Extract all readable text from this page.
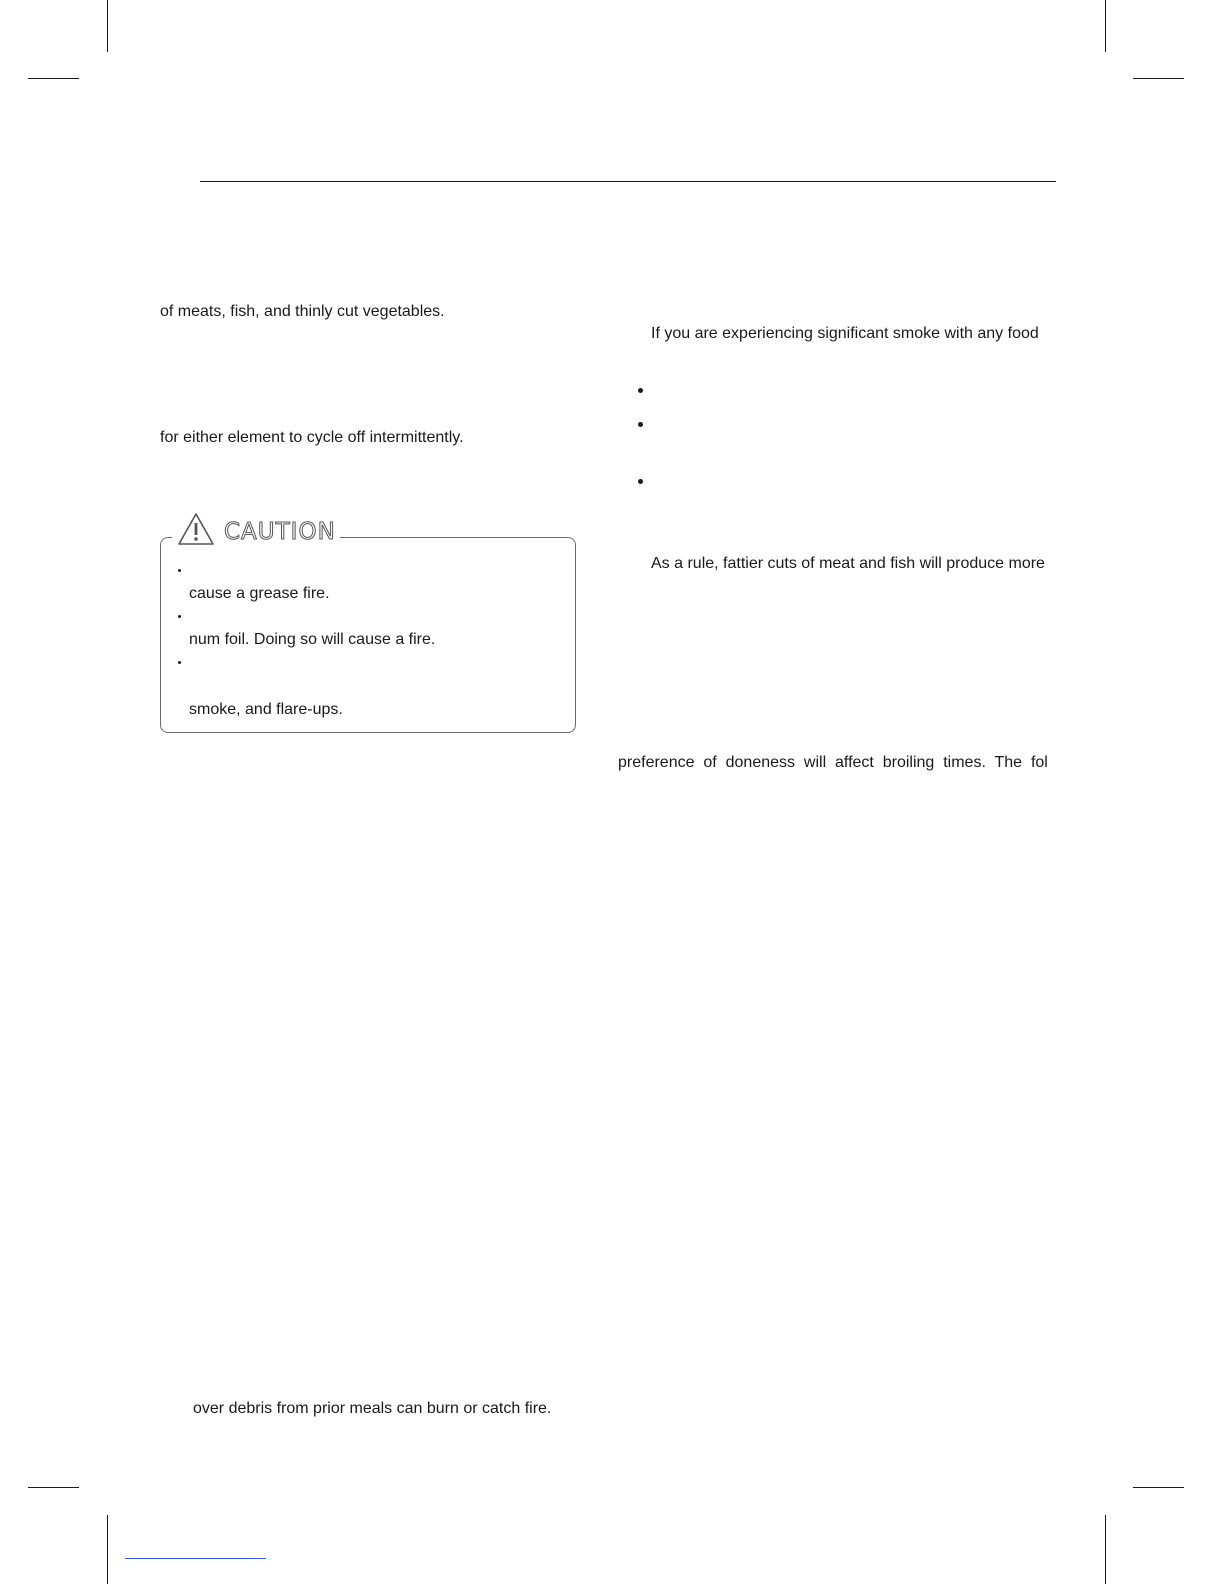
of meats, fish, and thinly cut vegetables.
for either element to cycle off intermittently.
CAUTION
cause a grease fire.
num foil. Doing so will cause a fire.
smoke, and flare-ups.
If you are experiencing significant smoke with any food
As a rule, fattier cuts of meat and fish will produce more
preference  of  doneness  will  affect  broiling  times.  The  fol
over debris from prior meals can burn or catch fire.
